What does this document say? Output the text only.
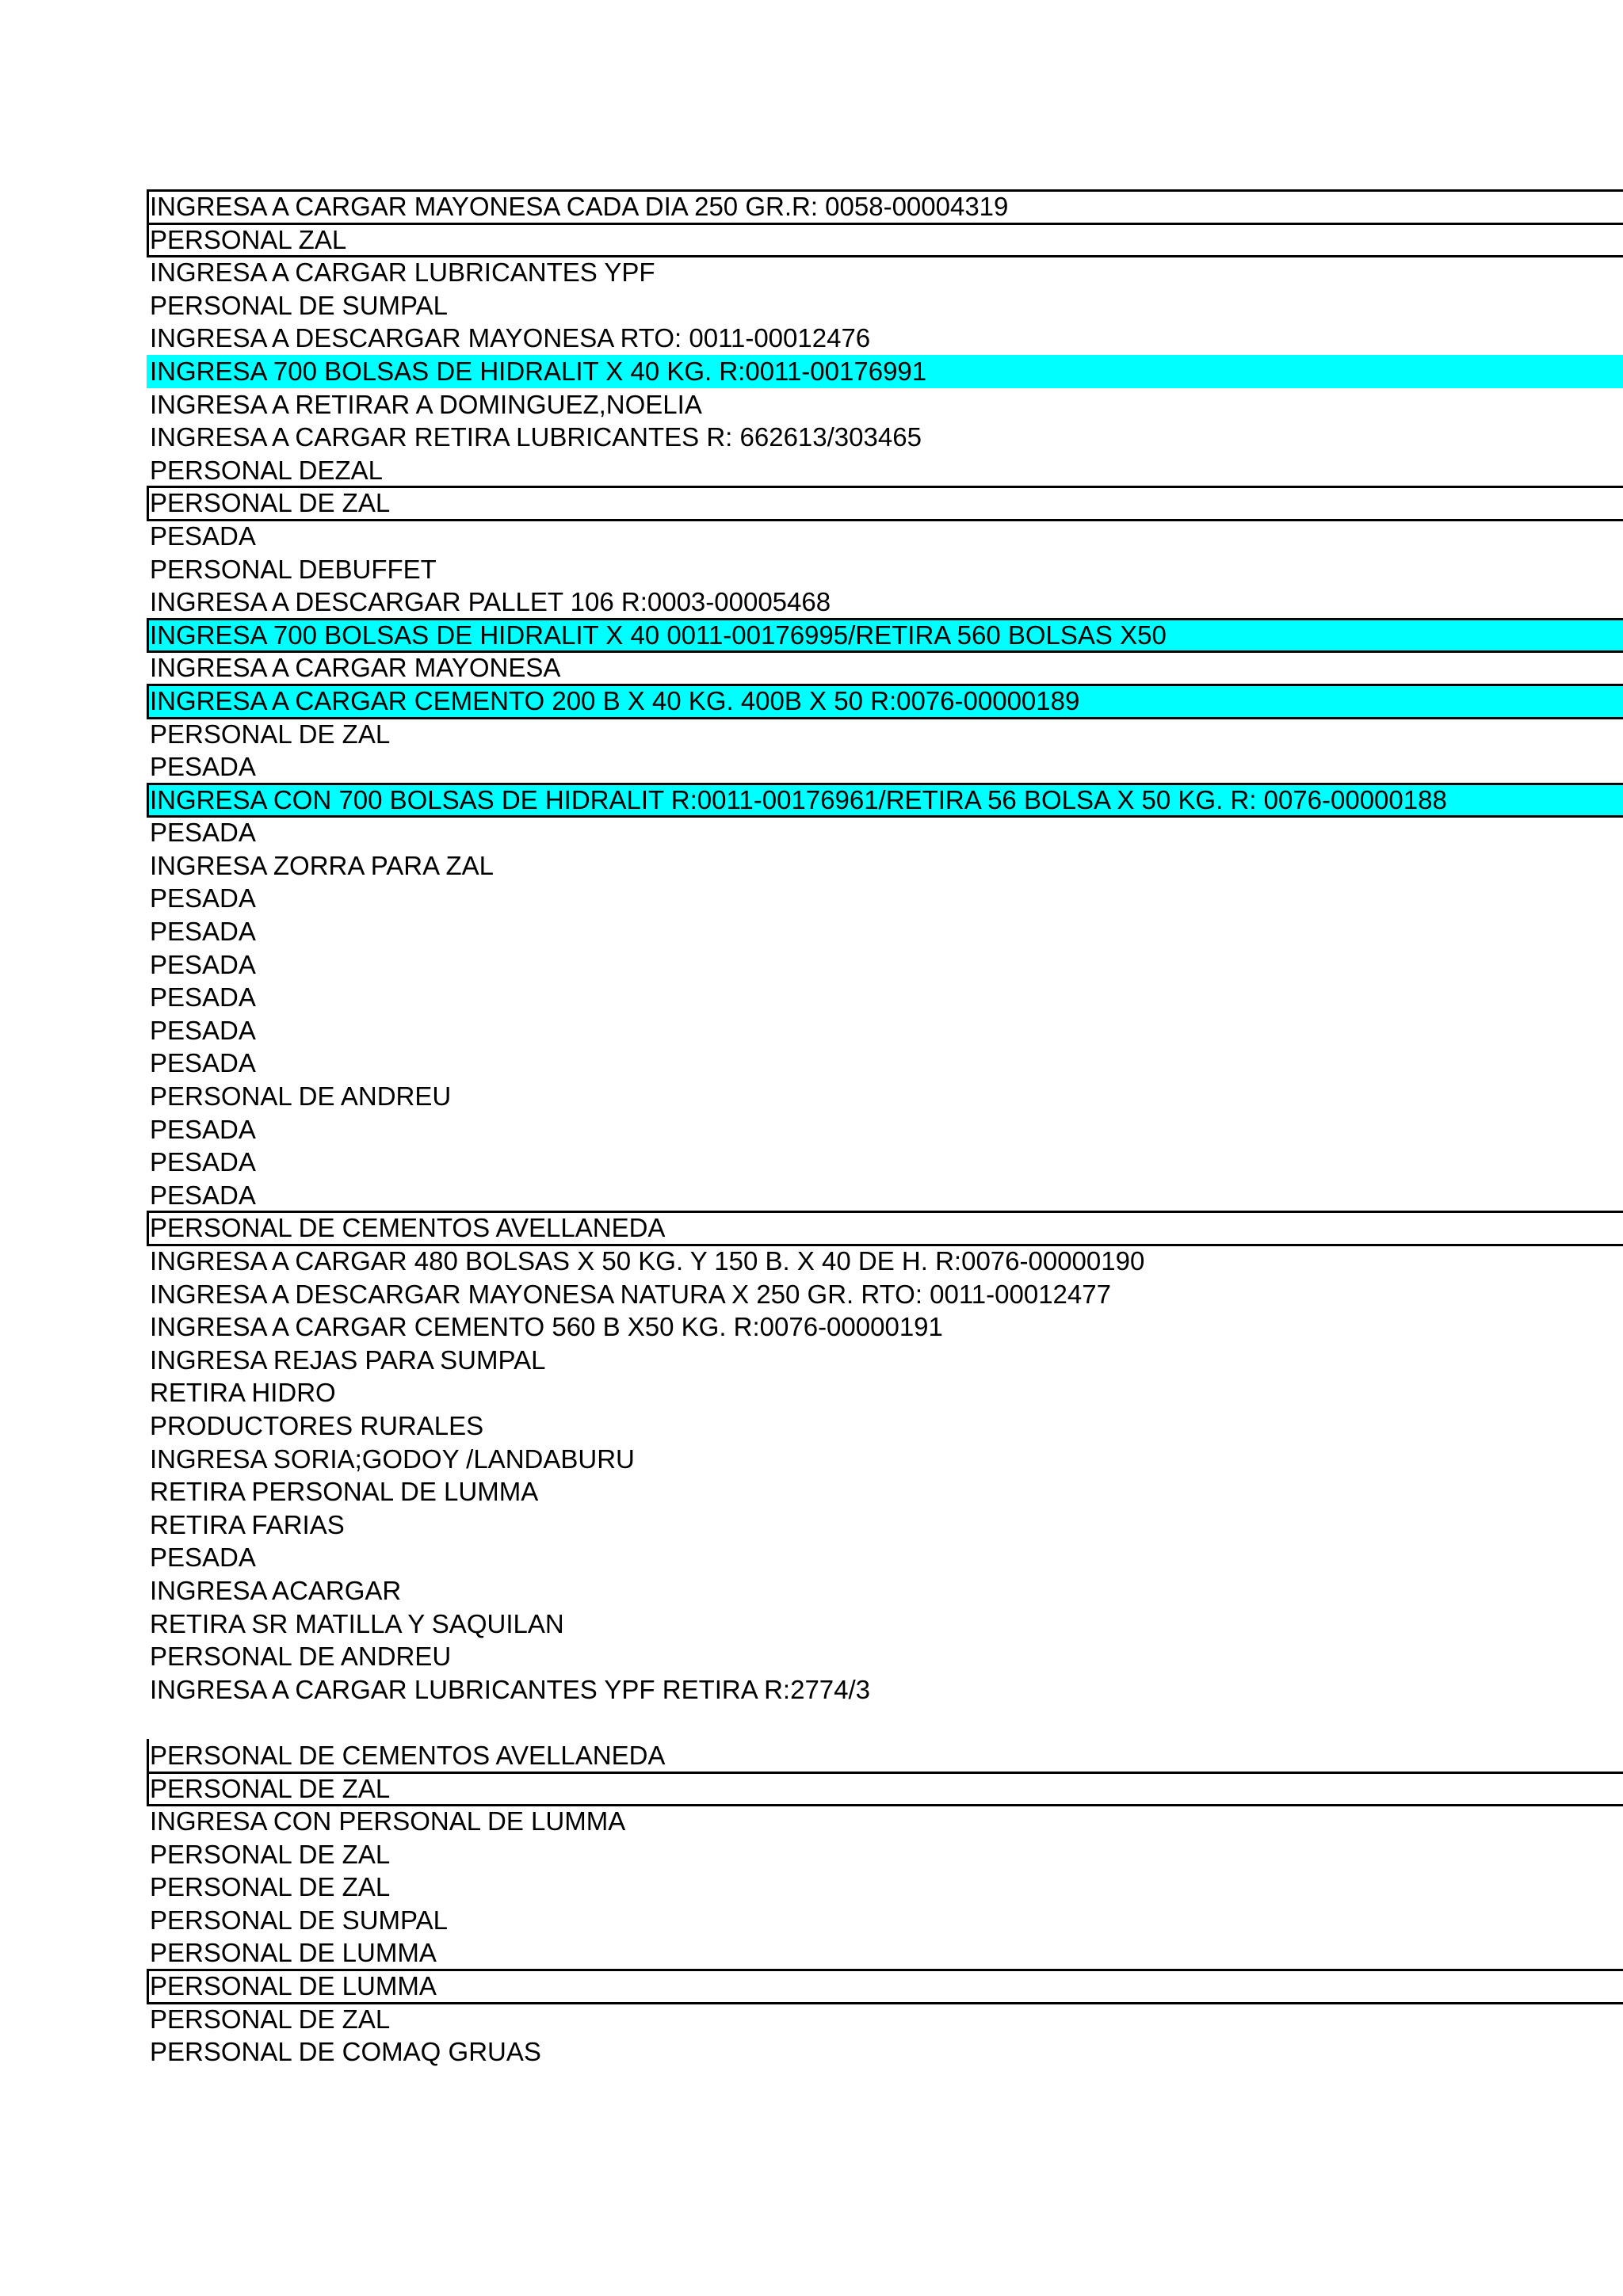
INGRESA A CARGAR MAYONESA CADA DIA 250 GR.R: 0058-00004319
PERSONAL ZAL
INGRESA A CARGAR LUBRICANTES YPF
PERSONAL DE SUMPAL
INGRESA A DESCARGAR MAYONESA RTO: 0011-00012476
INGRESA 700 BOLSAS DE HIDRALIT X 40 KG. R:0011-00176991
INGRESA A RETIRAR A DOMINGUEZ,NOELIA
INGRESA A CARGAR RETIRA LUBRICANTES R: 662613/303465
PERSONAL DEZAL
PERSONAL DE ZAL
PESADA
PERSONAL DEBUFFET
INGRESA A DESCARGAR PALLET 106 R:0003-00005468
INGRESA 700 BOLSAS DE HIDRALIT X 40 0011-00176995/RETIRA 560 BOLSAS X50
INGRESA A CARGAR MAYONESA
INGRESA A CARGAR CEMENTO 200 B X 40 KG. 400B X 50 R:0076-00000189
PERSONAL DE ZAL
PESADA
INGRESA CON 700 BOLSAS DE HIDRALIT R:0011-00176961/RETIRA 56 BOLSA X 50 KG. R: 0076-00000188
PESADA
INGRESA ZORRA PARA ZAL
PESADA
PESADA
PESADA
PESADA
PESADA
PESADA
PERSONAL DE ANDREU
PESADA
PESADA
PESADA
PERSONAL DE CEMENTOS AVELLANEDA
INGRESA A CARGAR 480 BOLSAS X 50 KG. Y 150 B. X 40 DE H. R:0076-00000190
INGRESA A DESCARGAR MAYONESA NATURA X 250 GR. RTO: 0011-00012477
INGRESA A CARGAR CEMENTO 560 B X50 KG. R:0076-00000191
INGRESA REJAS PARA SUMPAL
RETIRA HIDRO
PRODUCTORES RURALES
INGRESA SORIA;GODOY /LANDABURU
RETIRA PERSONAL DE LUMMA
RETIRA FARIAS
PESADA
INGRESA ACARGAR
RETIRA SR MATILLA Y SAQUILAN
PERSONAL DE ANDREU
INGRESA A CARGAR LUBRICANTES YPF RETIRA R:2774/3
PERSONAL DE CEMENTOS AVELLANEDA
PERSONAL DE ZAL
INGRESA CON PERSONAL DE LUMMA
PERSONAL DE ZAL
PERSONAL DE ZAL
PERSONAL DE SUMPAL
PERSONAL DE LUMMA
PERSONAL DE LUMMA
PERSONAL DE ZAL
PERSONAL DE COMAQ GRUAS
